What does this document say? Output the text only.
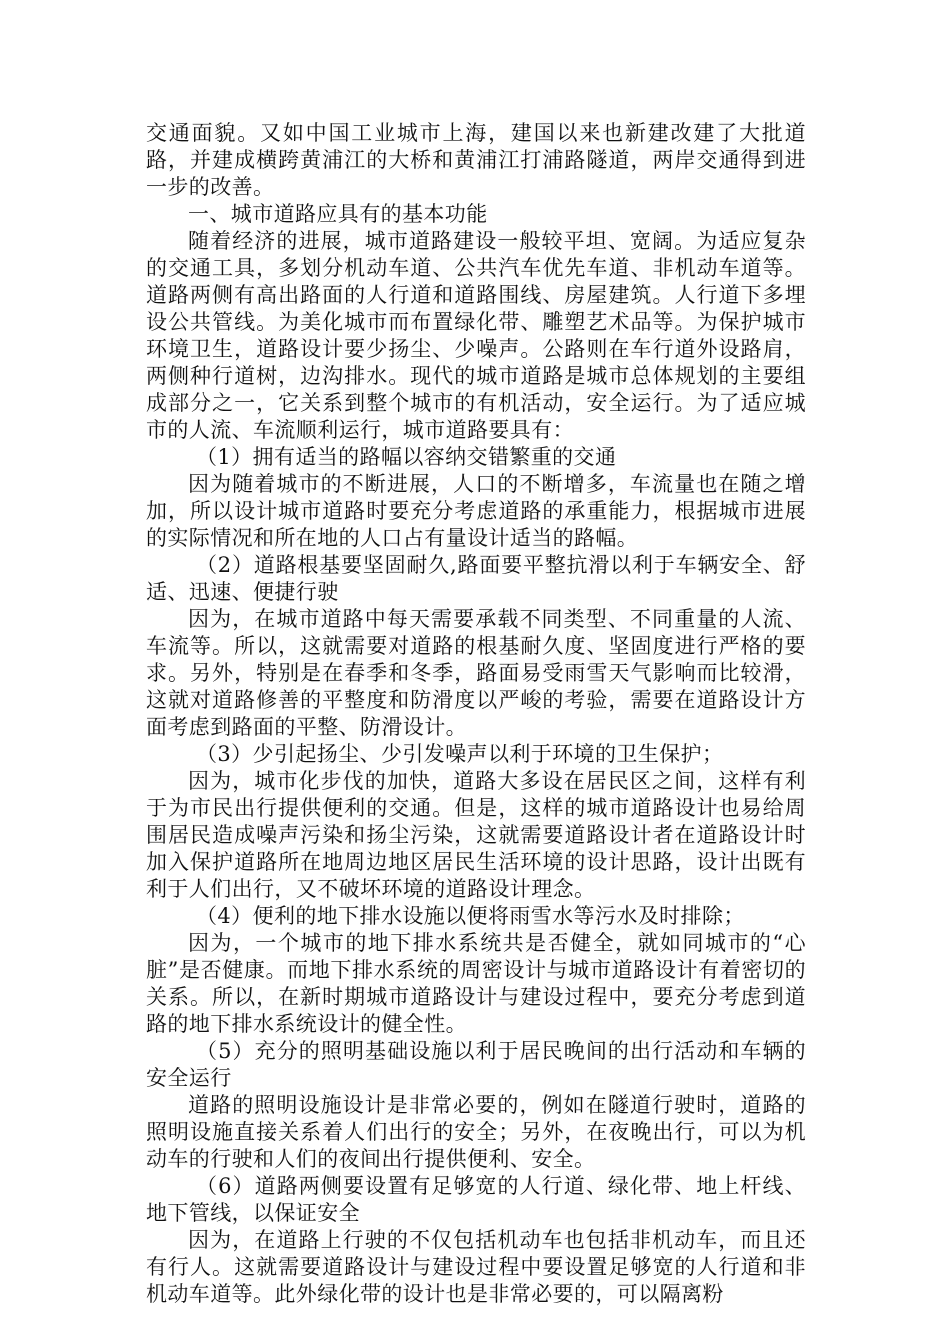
交通面貌。又如中国工业城市上海，建国以来也新建改建了大批道路，并建成横跨黄浦江的大桥和黄浦江打浦路隧道，两岸交通得到进一步的改善。

一、城市道路应具有的基本功能

随着经济的进展，城市道路建设一般较平坦、宽阔。为适应复杂的交通工具，多划分机动车道、公共汽车优先车道、非机动车道等。道路两侧有高出路面的人行道和道路围线、房屋建筑。人行道下多埋设公共管线。为美化城市而布置绿化带、雕塑艺术品等。为保护城市环境卫生，道路设计要少扬尘、少噪声。公路则在车行道外设路肩，两侧种行道树，边沟排水。现代的城市道路是城市总体规划的主要组成部分之一，它关系到整个城市的有机活动，安全运行。为了适应城市的人流、车流顺利运行，城市道路要具有：

（1）拥有适当的路幅以容纳交错繁重的交通

因为随着城市的不断进展，人口的不断增多，车流量也在随之增加，所以设计城市道路时要充分考虑道路的承重能力，根据城市进展的实际情况和所在地的人口占有量设计适当的路幅。

（2）道路根基要坚固耐久,路面要平整抗滑以利于车辆安全、舒适、迅速、便捷行驶

因为，在城市道路中每天需要承载不同类型、不同重量的人流、车流等。所以，这就需要对道路的根基耐久度、坚固度进行严格的要求。另外，特别是在春季和冬季，路面易受雨雪天气影响而比较滑，这就对道路修善的平整度和防滑度以严峻的考验，需要在道路设计方面考虑到路面的平整、防滑设计。

（3）少引起扬尘、少引发噪声以利于环境的卫生保护；

因为，城市化步伐的加快，道路大多设在居民区之间，这样有利于为市民出行提供便利的交通。但是，这样的城市道路设计也易给周围居民造成噪声污染和扬尘污染，这就需要道路设计者在道路设计时加入保护道路所在地周边地区居民生活环境的设计思路，设计出既有利于人们出行，又不破坏环境的道路设计理念。

（4）便利的地下排水设施以便将雨雪水等污水及时排除；

因为，一个城市的地下排水系统共是否健全，就如同城市的“心脏”是否健康。而地下排水系统的周密设计与城市道路设计有着密切的关系。所以，在新时期城市道路设计与建设过程中，要充分考虑到道路的地下排水系统设计的健全性。

（5）充分的照明基础设施以利于居民晚间的出行活动和车辆的安全运行

道路的照明设施设计是非常必要的，例如在隧道行驶时，道路的照明设施直接关系着人们出行的安全；另外，在夜晚出行，可以为机动车的行驶和人们的夜间出行提供便利、安全。

（6）道路两侧要设置有足够宽的人行道、绿化带、地上杆线、地下管线，以保证安全

因为，在道路上行驶的不仅包括机动车也包括非机动车，而且还有行人。这就需要道路设计与建设过程中要设置足够宽的人行道和非机动车道等。此外绿化带的设计也是非常必要的，可以隔离粉
